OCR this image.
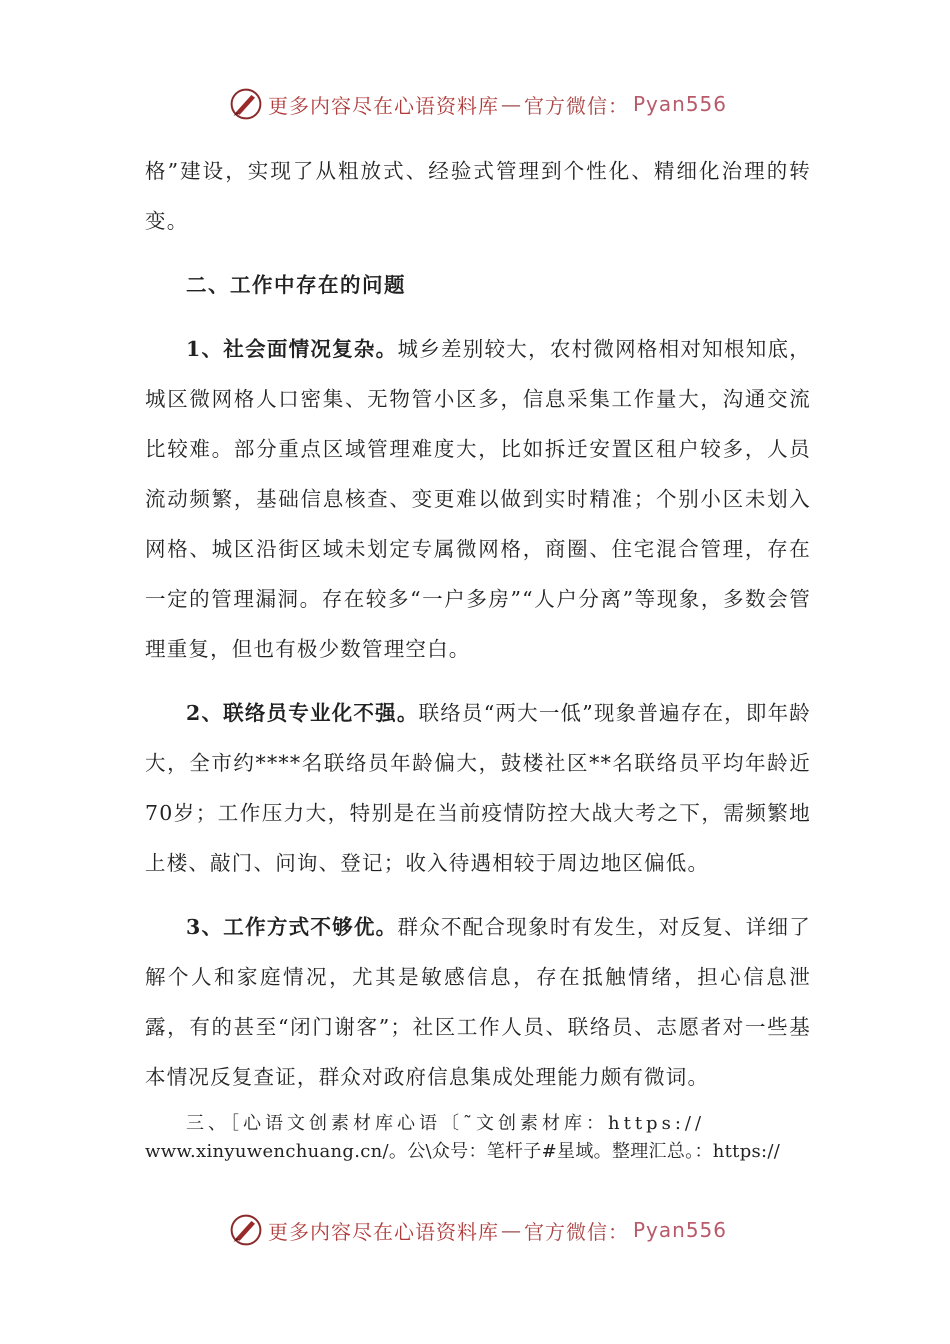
更多内容尽在心语资料库 — 官方微信： Pyan556

格”建设，实现了从粗放式、经验式管理到个性化、精细化治理的转变。

二、工作中存在的问题

1、社会面情况复杂。城乡差别较大，农村微网格相对知根知底，城区微网格人口密集、无物管小区多，信息采集工作量大，沟通交流比较难。部分重点区域管理难度大，比如拆迁安置区租户较多，人员流动频繁，基础信息核查、变更难以做到实时精准；个别小区未划入网格、城区沿街区域未划定专属微网格，商圈、住宅混合管理，存在一定的管理漏洞。存在较多“一户多房”“人户分离”等现象，多数会管理重复，但也有极少数管理空白。

2、联络员专业化不强。联络员“两大一低”现象普遍存在，即年龄大，全市约****名联络员年龄偏大，鼓楼社区**名联络员平均年龄近70岁；工作压力大，特别是在当前疫情防控大战大考之下，需频繁地上楼、敲门、问询、登记；收入待遇相较于周边地区偏低。

3、工作方式不够优。群众不配合现象时有发生，对反复、详细了解个人和家庭情况，尤其是敏感信息，存在抵触情绪，担心信息泄露，有的甚至“闭门谢客”；社区工作人员、联络员、志愿者对一些基本情况反复查证，群众对政府信息集成处理能力颇有微词。

三、［心语文创素材库心语〔˜文创素材库：https://

www.xinyuwenchuang.cn/。公\众号：笔杆子#星域。整理汇总。：https://

更多内容尽在心语资料库 — 官方微信： Pyan556
